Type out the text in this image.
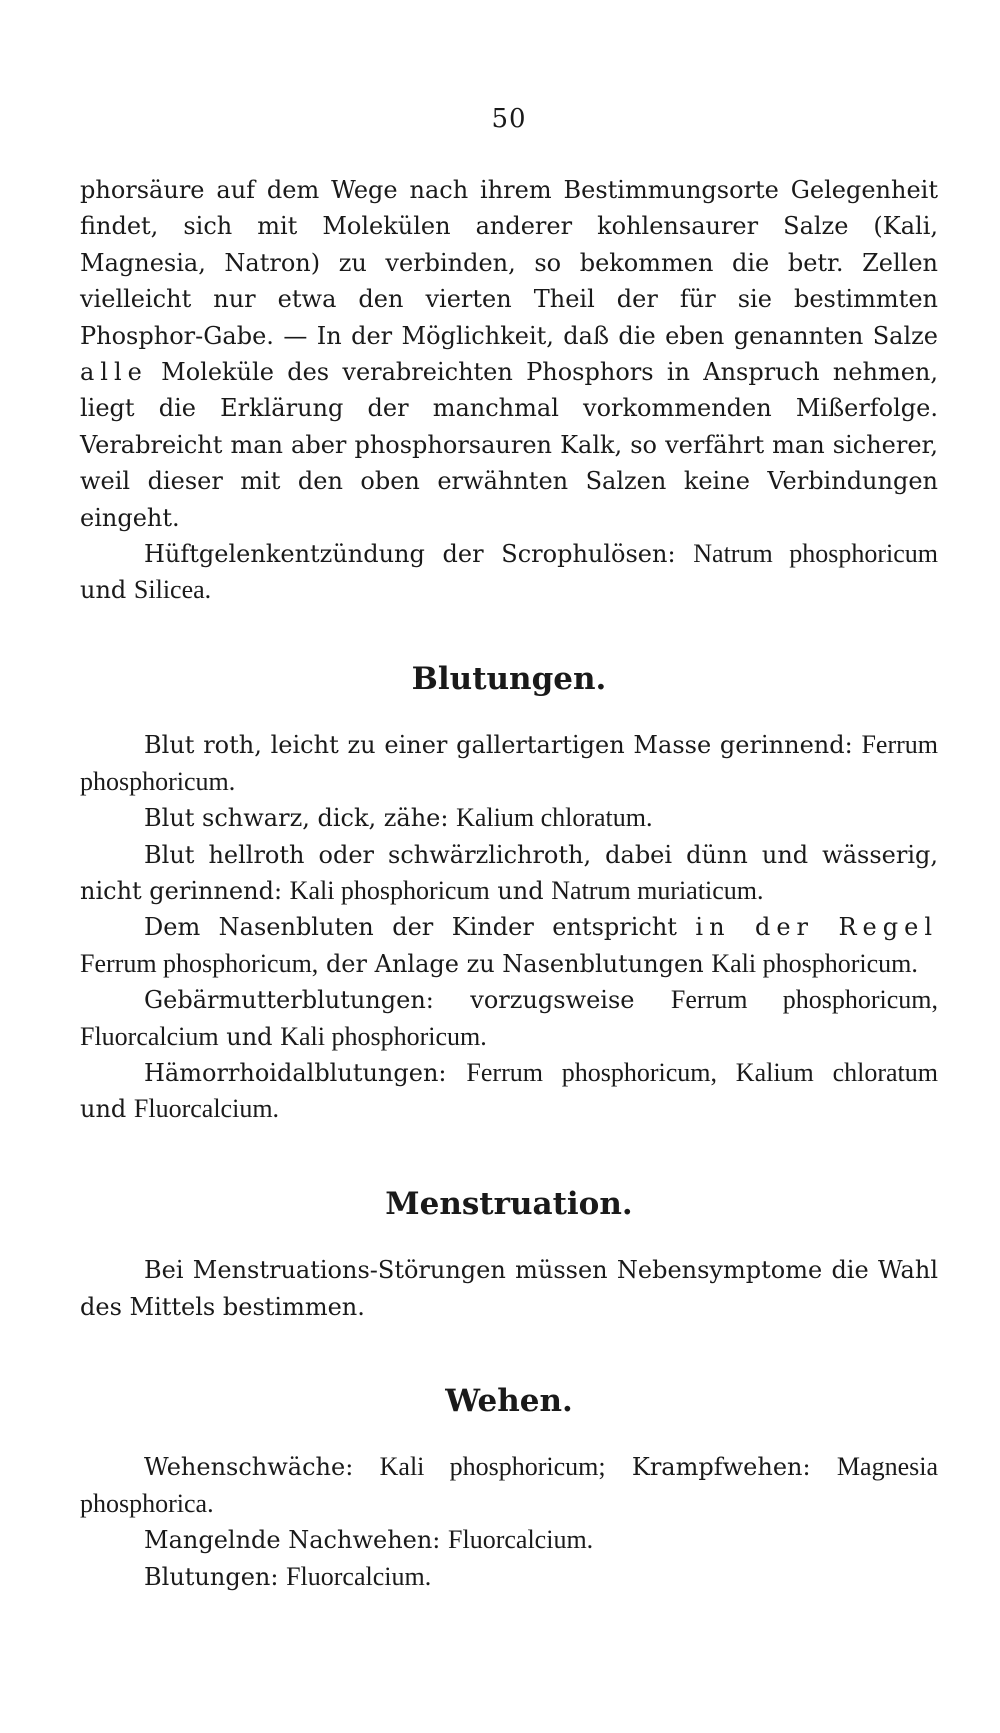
50

phorsäure auf dem Wege nach ihrem Bestimmungsorte Gelegenheit findet, sich mit Molekülen anderer kohlensaurer Salze (Kali, Magnesia, Natron) zu verbinden, so bekommen die betr. Zellen vielleicht nur etwa den vierten Theil der für sie bestimmten Phosphor-Gabe. — In der Möglichkeit, daß die eben genannten Salze alle Moleküle des verabreichten Phosphors in Anspruch nehmen, liegt die Erklärung der manchmal vorkommenden Mißerfolge. Verabreicht man aber phosphorsauren Kalk, so verfährt man sicherer, weil dieser mit den oben erwähnten Salzen keine Verbindungen eingeht.

Hüftgelenkentzündung der Scrophulösen: Natrum phosphoricum und Silicea.

Blutungen.

Blut roth, leicht zu einer gallertartigen Masse gerinnend: Ferrum phosphoricum.

Blut schwarz, dick, zähe: Kalium chloratum.

Blut hellroth oder schwärzlichroth, dabei dünn und wässerig, nicht gerinnend: Kali phosphoricum und Natrum muriaticum.

Dem Nasenbluten der Kinder entspricht in der Regel Ferrum phosphoricum, der Anlage zu Nasenblutungen Kali phosphoricum.

Gebärmutterblutungen: vorzugsweise Ferrum phosphoricum, Fluorcalcium und Kali phosphoricum.

Hämorrhoidalblutungen: Ferrum phosphoricum, Kalium chloratum und Fluorcalcium.

Menstruation.

Bei Menstruations-Störungen müssen Nebensymptome die Wahl des Mittels bestimmen.

Wehen.

Wehenschwäche: Kali phosphoricum; Krampfwehen: Magnesia phosphorica.

Mangelnde Nachwehen: Fluorcalcium.

Blutungen: Fluorcalcium.
